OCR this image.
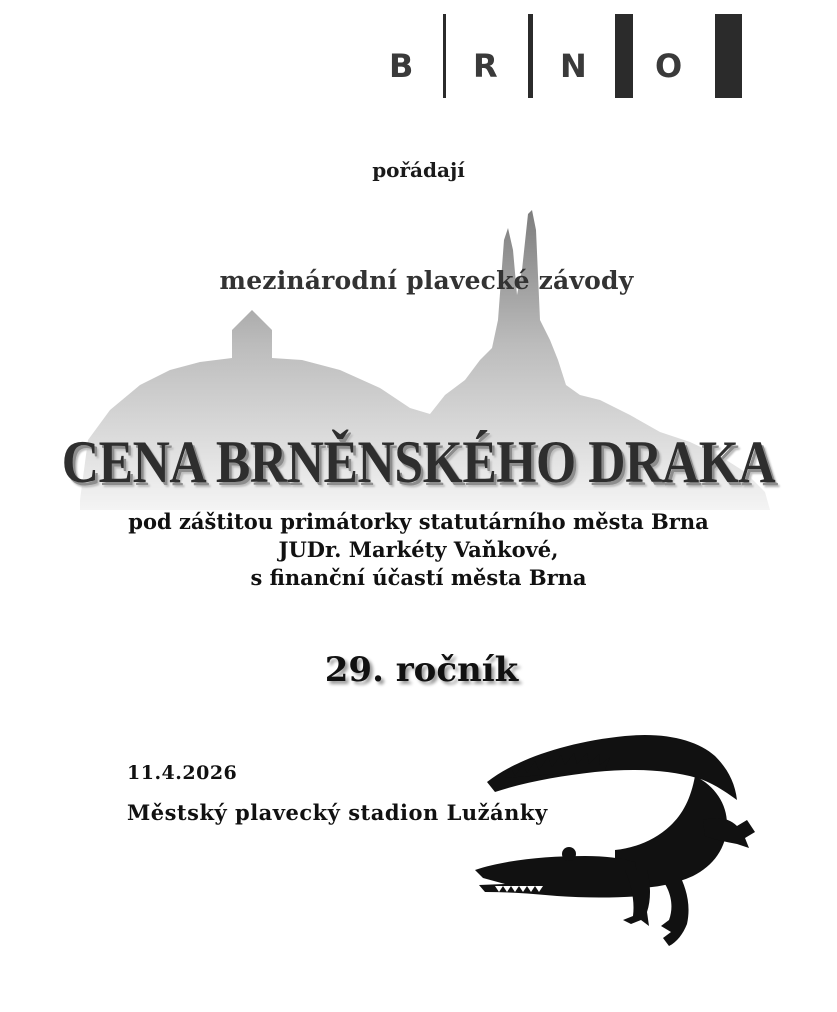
B R N O
pořádají
mezinárodní plavecké závody
CENA BRNĚNSKÉHO DRAKA
pod záštitou primátorky statutárního města Brna
JUDr. Markéty Vaňkové,
s finanční účastí města Brna
29. ročník
11.4.2026
Městský plavecký stadion Lužánky
